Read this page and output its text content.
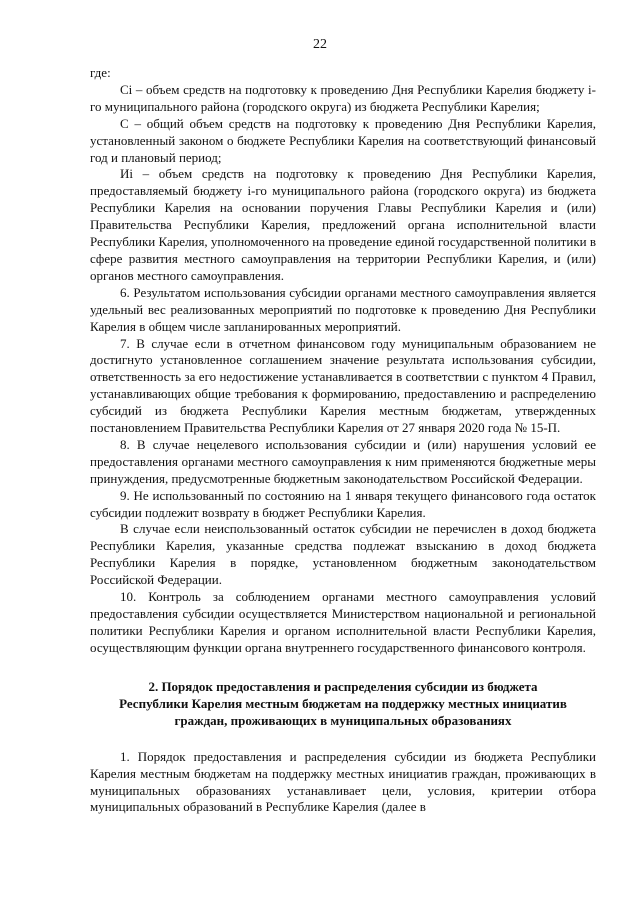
22

где:

Ci – объем средств на подготовку к проведению Дня Республики Карелия бюджету i-го муниципального района (городского округа) из бюджета Республики Карелия;

С – общий объем средств на подготовку к проведению Дня Республики Карелия, установленный законом о бюджете Республики Карелия на соответствующий финансовый год и плановый период;

Иi – объем средств на подготовку к проведению Дня Республики Карелия, предоставляемый бюджету i-го муниципального района (городского округа) из бюджета Республики Карелия на основании поручения Главы Республики Карелия и (или) Правительства Республики Карелия, предложений органа исполнительной власти Республики Карелия, уполномоченного на проведение единой государственной политики в сфере развития местного самоуправления на территории Республики Карелия, и (или) органов местного самоуправления.

6. Результатом использования субсидии органами местного самоуправления является удельный вес реализованных мероприятий по подготовке к проведению Дня Республики Карелия в общем числе запланированных мероприятий.

7. В случае если в отчетном финансовом году муниципальным образованием не достигнуто установленное соглашением значение результата использования субсидии, ответственность за его недостижение устанавливается в соответствии с пунктом 4 Правил, устанавливающих общие требования к формированию, предоставлению и распределению субсидий из бюджета Республики Карелия местным бюджетам, утвержденных постановлением Правительства Республики Карелия от 27 января 2020 года № 15-П.

8. В случае нецелевого использования субсидии и (или) нарушения условий ее предоставления органами местного самоуправления к ним применяются бюджетные меры принуждения, предусмотренные бюджетным законодательством Российской Федерации.

9. Не использованный по состоянию на 1 января текущего финансового года остаток субсидии подлежит возврату в бюджет Республики Карелия.

В случае если неиспользованный остаток субсидии не перечислен в доход бюджета Республики Карелия, указанные средства подлежат взысканию в доход бюджета Республики Карелия в порядке, установленном бюджетным законодательством Российской Федерации.

10. Контроль за соблюдением органами местного самоуправления условий предоставления субсидии осуществляется Министерством национальной и региональной политики Республики Карелия и органом исполнительной власти Республики Карелия, осуществляющим функции органа внутреннего государственного финансового контроля.

2. Порядок предоставления и распределения субсидии из бюджета
Республики Карелия местным бюджетам на поддержку местных инициатив
граждан, проживающих в муниципальных образованиях

1. Порядок предоставления и распределения субсидии из бюджета Республики Карелия местным бюджетам на поддержку местных инициатив граждан, проживающих в муниципальных образованиях устанавливает цели, условия, критерии отбора муниципальных образований в Республике Карелия (далее в
